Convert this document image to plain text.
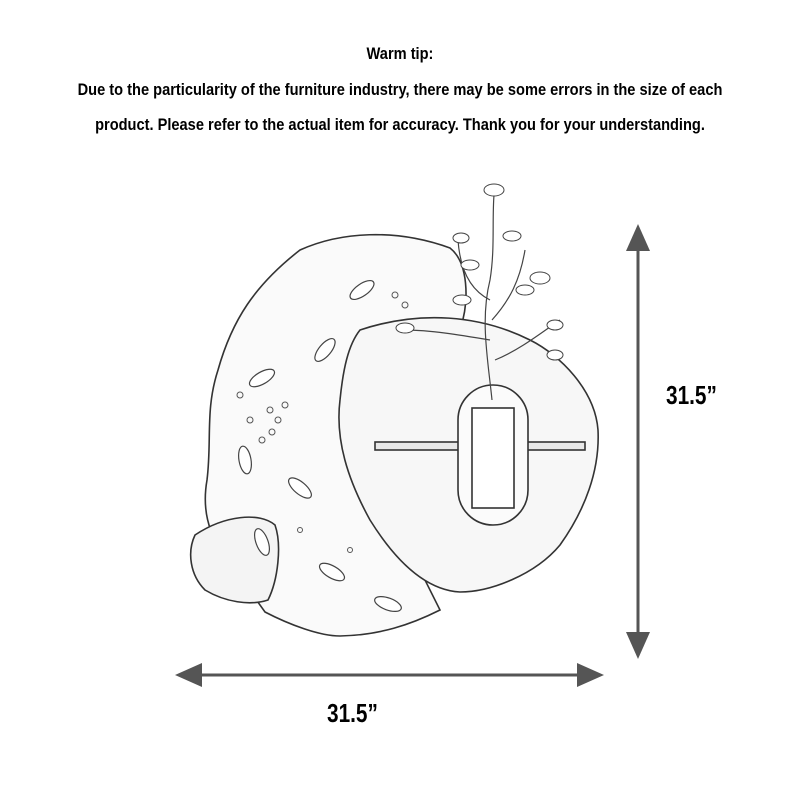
Warm tip:
Due to the particularity of the furniture industry, there may be some errors in the size of each
product. Please refer to the actual item for accuracy. Thank you for your understanding.
31.5”
31.5”
